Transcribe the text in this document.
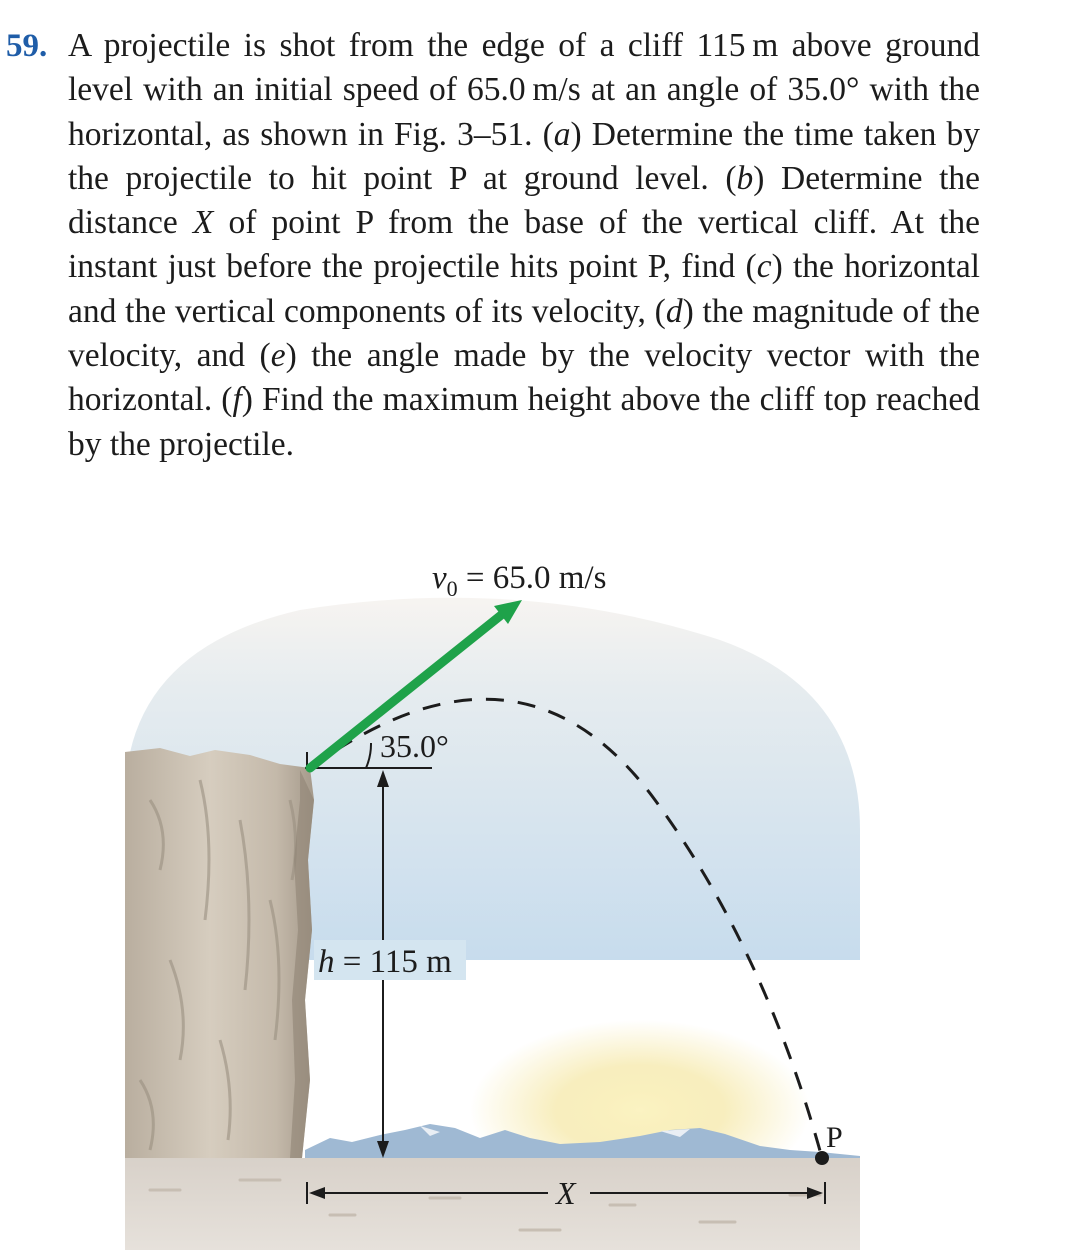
59. A projectile is shot from the edge of a cliff 115 m above ground level with an initial speed of 65.0 m/s at an angle of 35.0° with the horizontal, as shown in Fig. 3–51. (a) Determine the time taken by the projectile to hit point P at ground level. (b) Determine the distance X of point P from the base of the vertical cliff. At the instant just before the projectile hits point P, find (c) the horizontal and the vertical components of its velocity, (d) the magnitude of the velocity, and (e) the angle made by the velocity vector with the horizontal. (f) Find the maximum height above the cliff top reached by the projectile.
$v_0 = 65.0$ m/s
35.0°
h = 115 m
P
X
